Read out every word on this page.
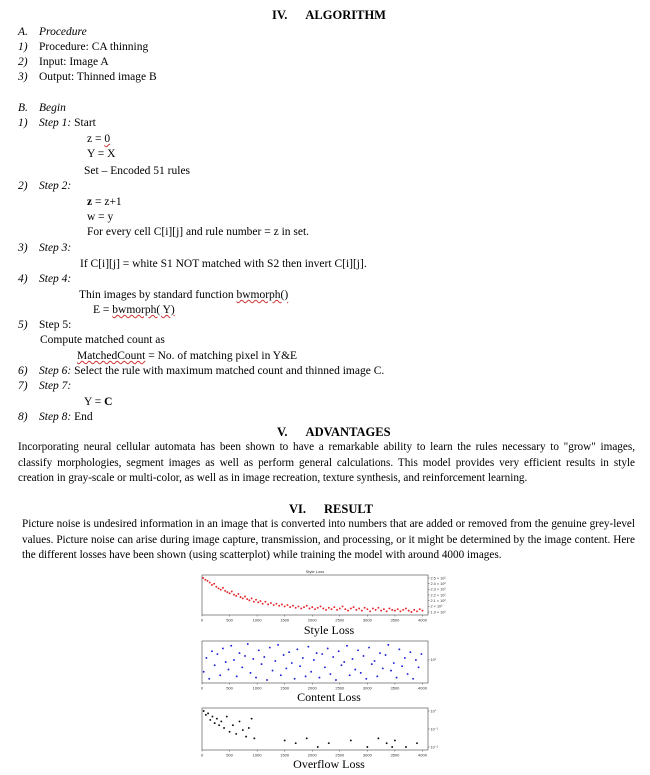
IV. ALGORITHM
A. Procedure
1) Procedure: CA thinning
2) Input: Image A
3) Output: Thinned image B
B. Begin
1) Step 1: Start
z = 0
Y = X
Set – Encoded 51 rules
2) Step 2:
z = z+1
w = y
For every cell C[i][j] and rule number = z in set.
3) Step 3:
If C[i][j] = white S1 NOT matched with S2 then invert C[i][j].
4) Step 4:
Thin images by standard function bwmorph()
E = bwmorph( Y)
5) Step 5:
Compute matched count as
MatchedCount = No. of matching pixel in Y&E
6) Step 6: Select the rule with maximum matched count and thinned image C.
7) Step 7:
Y = C
8) Step 8: End
V. ADVANTAGES
Incorporating neural cellular automata has been shown to have a remarkable ability to learn the rules necessary to "grow" images, classify morphologies, segment images as well as perform general calculations. This model provides very efficient results in style creation in gray-scale or multi-color, as well as in image recreation, texture synthesis, and reinforcement learning.
VI. RESULT
Picture noise is undesired information in an image that is converted into numbers that are added or removed from the genuine grey-level values. Picture noise can arise during image capture, transmission, and processing, or it might be determined by the image content. Here the different losses have been shown (using scatterplot) while training the model with around 4000 images.
Style Loss
0	500	1000	1500	2000	2500	3000	3500	4000
2.5 × 10²
2.4 × 10²
2.3 × 10²
2.2 × 10²
2.1 × 10²
2 × 10²
1.9 × 10²
Style Loss
0	500	1000	1500	2000	2500	3000	3500	4000
10¹
Content Loss
0	500	1000	1500	2000	2500	3000	3500	4000
10⁰
10⁻¹
10⁻²
Overflow Loss
